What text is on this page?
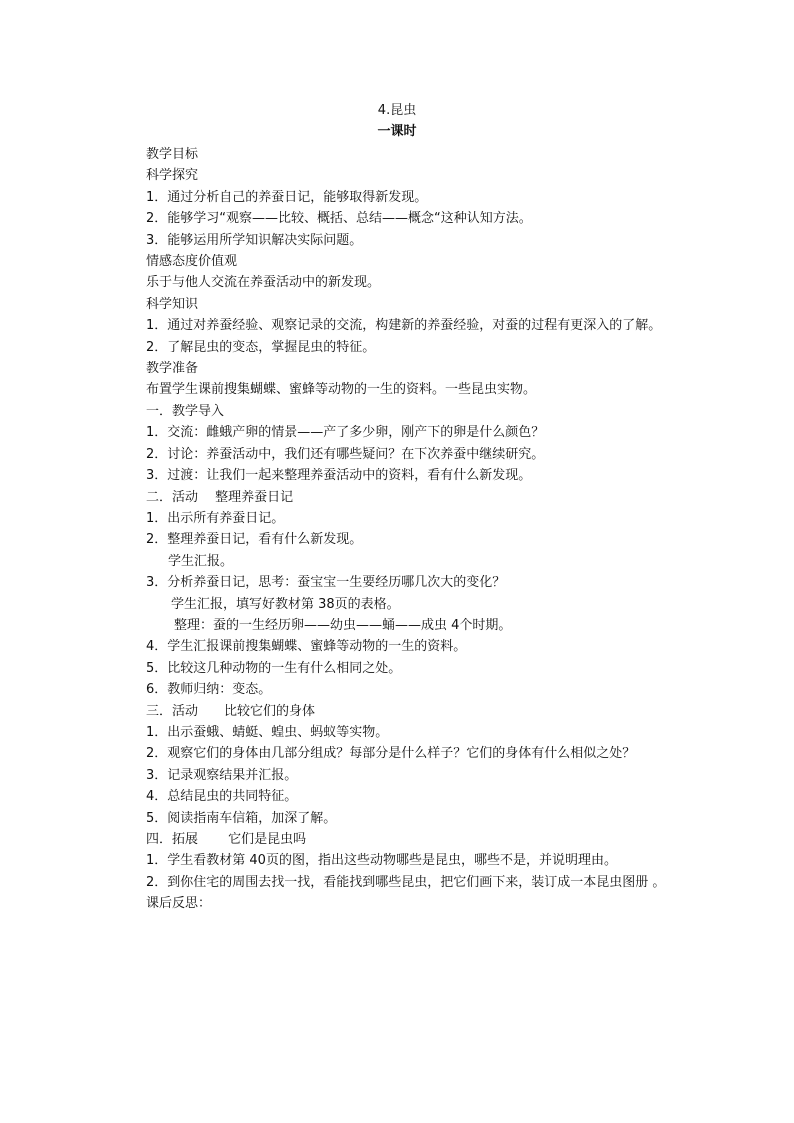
4.昆虫
一课时
教学目标
科学探究
1．通过分析自己的养蚕日记，能够取得新发现。
2．能够学习“观察——比较、概括、总结——概念“这种认知方法。
3．能够运用所学知识解决实际问题。
情感态度价值观
乐于与他人交流在养蚕活动中的新发现。
科学知识
1．通过对养蚕经验、观察记录的交流，构建新的养蚕经验，对蚕的过程有更深入的了解。
2．了解昆虫的变态，掌握昆虫的特征。
教学准备
布置学生课前搜集蝴蝶、蜜蜂等动物的一生的资料。一些昆虫实物。
一．教学导入
1．交流：雌蛾产卵的情景——产了多少卵，刚产下的卵是什么颜色？
2．讨论：养蚕活动中，我们还有哪些疑问？在下次养蚕中继续研究。
3．过渡：让我们一起来整理养蚕活动中的资料，看有什么新发现。
二．活动　 整理养蚕日记
1．出示所有养蚕日记。
2．整理养蚕日记，看有什么新发现。
学生汇报。
3．分析养蚕日记，思考：蚕宝宝一生要经历哪几次大的变化？
学生汇报，填写好教材第 38页的表格。
整理：蚕的一生经历卵——幼虫——蛹——成虫 4个时期。
4．学生汇报课前搜集蝴蝶、蜜蜂等动物的一生的资料。
5．比较这几种动物的一生有什么相同之处。
6．教师归纳：变态。
三．活动　　比较它们的身体
1．出示蚕蛾、蜻蜓、蝗虫、蚂蚁等实物。
2．观察它们的身体由几部分组成？每部分是什么样子？它们的身体有什么相似之处？
3．记录观察结果并汇报。
4．总结昆虫的共同特征。
5．阅读指南车信箱，加深了解。
四．拓展　　 它们是昆虫吗
1．学生看教材第 40页的图，指出这些动物哪些是昆虫，哪些不是，并说明理由。
2．到你住宅的周围去找一找，看能找到哪些昆虫，把它们画下来，装订成一本昆虫图册 。
课后反思：
